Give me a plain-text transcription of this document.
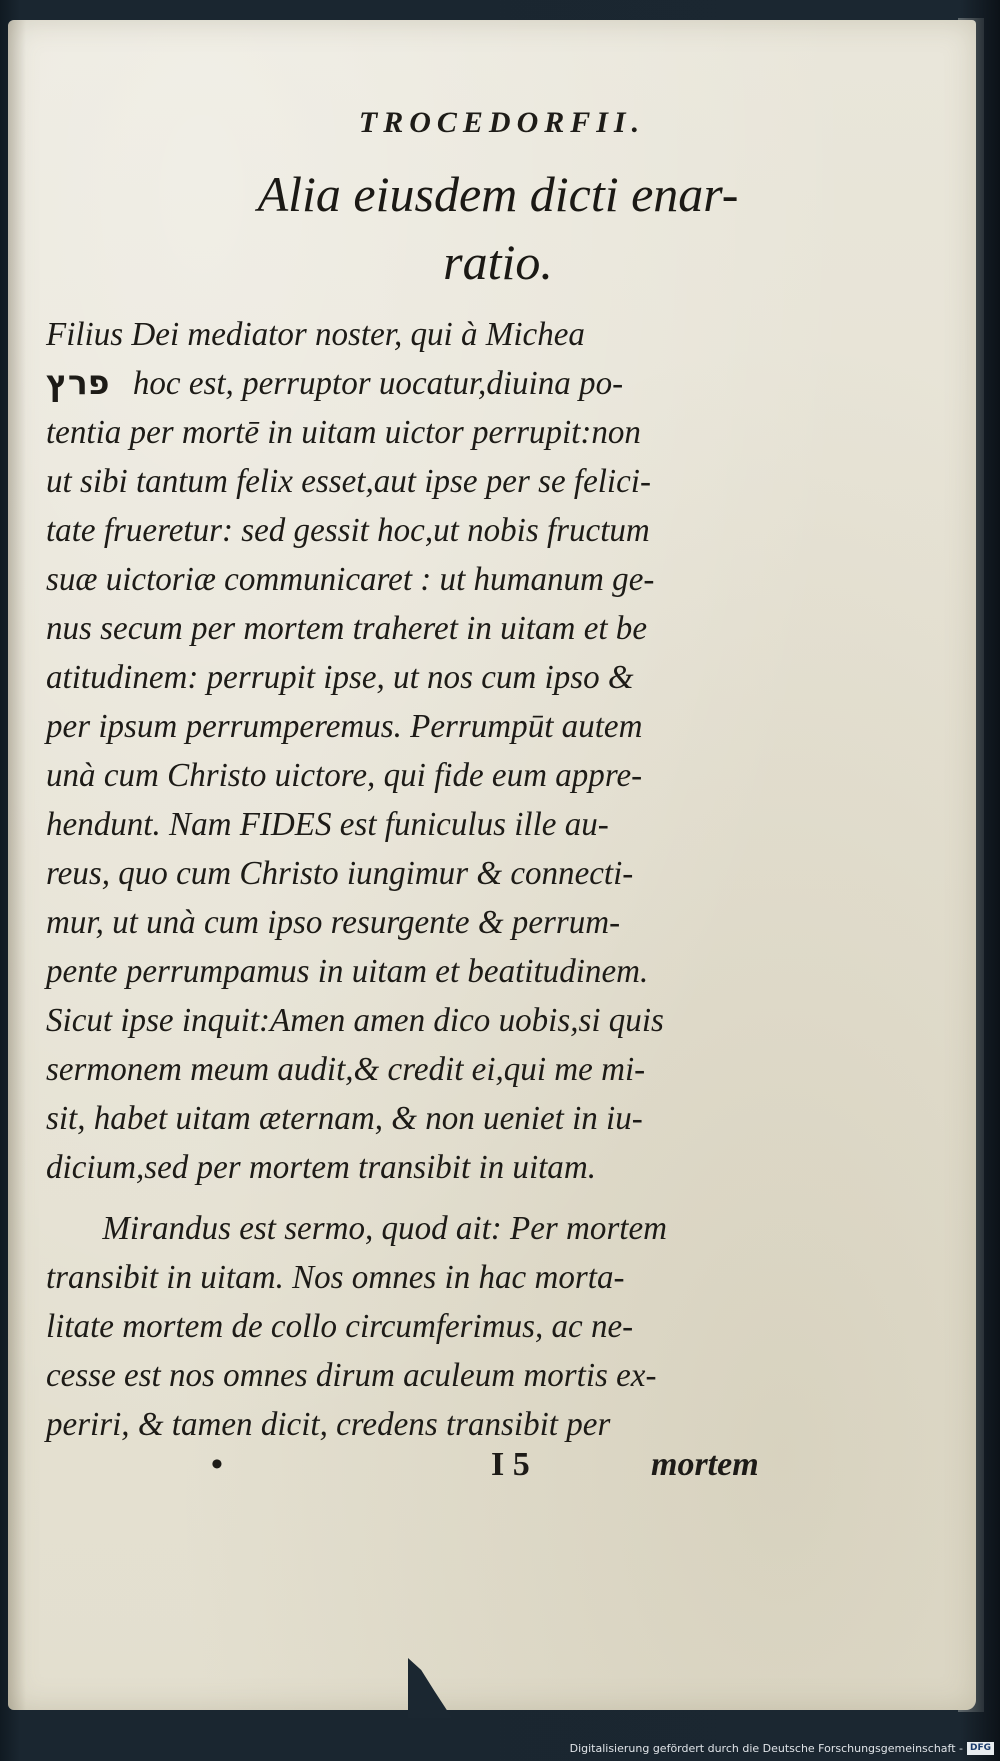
TROCEDORFII.
Alia eiusdem dicti enar-
ratio.
Filius Dei mediator noster, qui à Michea
פרץ hoc est, perruptor uocatur,diuina po-
tentia per mortē in uitam uictor perrupit:non
ut sibi tantum felix esset,aut ipse per se felici-
tate frueretur: sed gessit hoc,ut nobis fructum
suæ uictoriæ communicaret : ut humanum ge-
nus secum per mortem traheret in uitam et be
atitudinem: perrupit ipse, ut nos cum ipso &
per ipsum perrumperemus. Perrumpūt autem
unà cum Christo uictore, qui fide eum appre-
hendunt. Nam FIDES est funiculus ille au-
reus, quo cum Christo iungimur & connecti-
mur, ut unà cum ipso resurgente & perrum-
pente perrumpamus in uitam et beatitudinem.
Sicut ipse inquit:Amen amen dico uobis,si quis
sermonem meum audit,& credit ei,qui me mi-
sit, habet uitam æternam, & non ueniet in iu-
dicium,sed per mortem transibit in uitam.
Mirandus est sermo, quod ait: Per mortem
transibit in uitam. Nos omnes in hac morta-
litate mortem de collo circumferimus, ac ne-
cesse est nos omnes dirum aculeum mortis ex-
periri, & tamen dicit, credens transibit per
•	I 5	mortem
Digitalisierung gefördert durch die Deutsche Forschungsgemeinschaft - DFG
